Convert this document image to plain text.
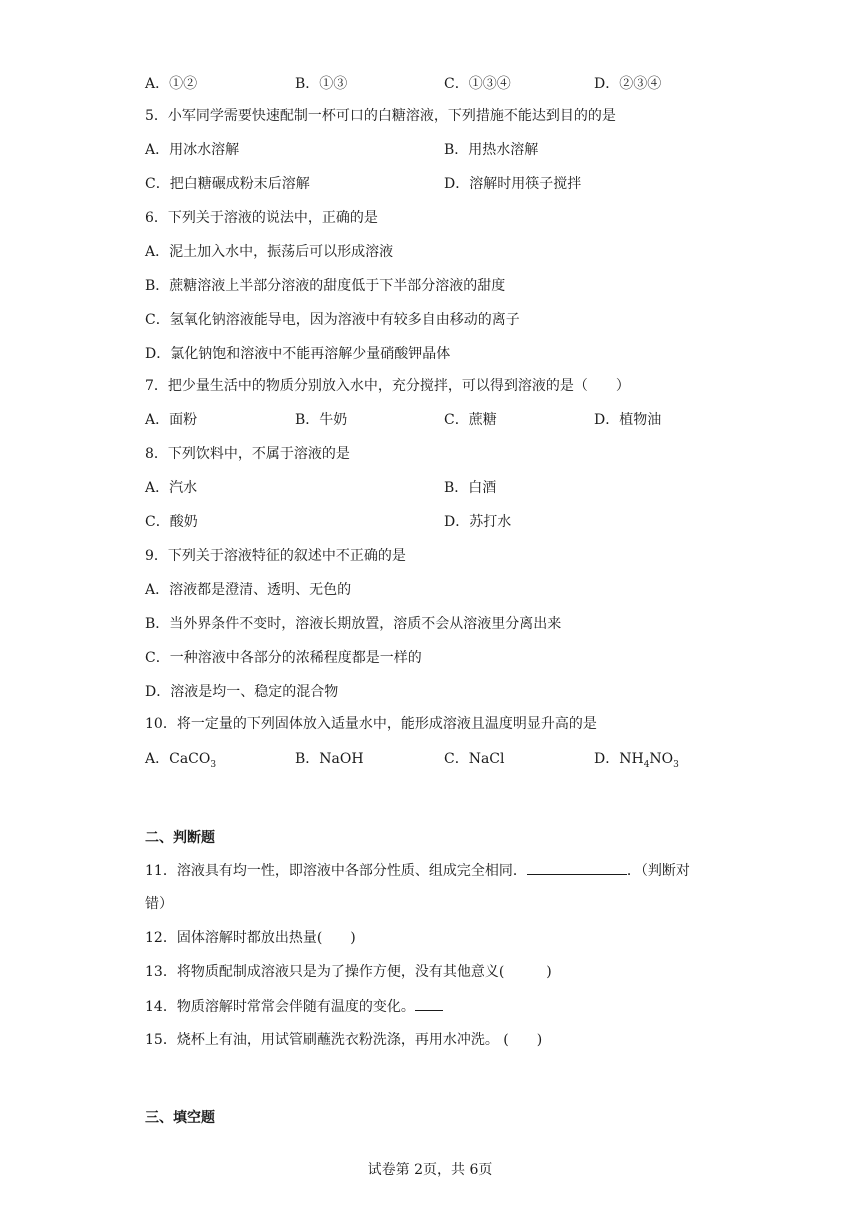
A．①②	B．①③	C．①③④	D．②③④
5．小军同学需要快速配制一杯可口的白糖溶液，下列措施不能达到目的的是
A．用冰水溶解	B．用热水溶解
C．把白糖碾成粉末后溶解	D．溶解时用筷子搅拌
6．下列关于溶液的说法中，正确的是
A．泥土加入水中，振荡后可以形成溶液
B．蔗糖溶液上半部分溶液的甜度低于下半部分溶液的甜度
C．氢氧化钠溶液能导电，因为溶液中有较多自由移动的离子
D．氯化钠饱和溶液中不能再溶解少量硝酸钾晶体
7．把少量生活中的物质分别放入水中，充分搅拌，可以得到溶液的是（　　）
A．面粉	B．牛奶	C．蔗糖	D．植物油
8．下列饮料中，不属于溶液的是
A．汽水	B．白酒
C．酸奶	D．苏打水
9．下列关于溶液特征的叙述中不正确的是
A．溶液都是澄清、透明、无色的
B．当外界条件不变时，溶液长期放置，溶质不会从溶液里分离出来
C．一种溶液中各部分的浓稀程度都是一样的
D．溶液是均一、稳定的混合物
10．将一定量的下列固体放入适量水中，能形成溶液且温度明显升高的是
A．CaCO$_3$	B．NaOH	C．NaCl	D．$NH_4NO_3$
二、判断题
11．溶液具有均一性，即溶液中各部分性质、组成完全相同．	．（判断对
错）
12．固体溶解时都放出热量(　　)
13．将物质配制成溶液只是为了操作方便，没有其他意义(　　　)
14．物质溶解时常常会伴随有温度的变化。
15．烧杯上有油，用试管刷蘸洗衣粉洗涤，再用水冲洗。 (　　)
三、填空题
试卷第 2页，共 6页
